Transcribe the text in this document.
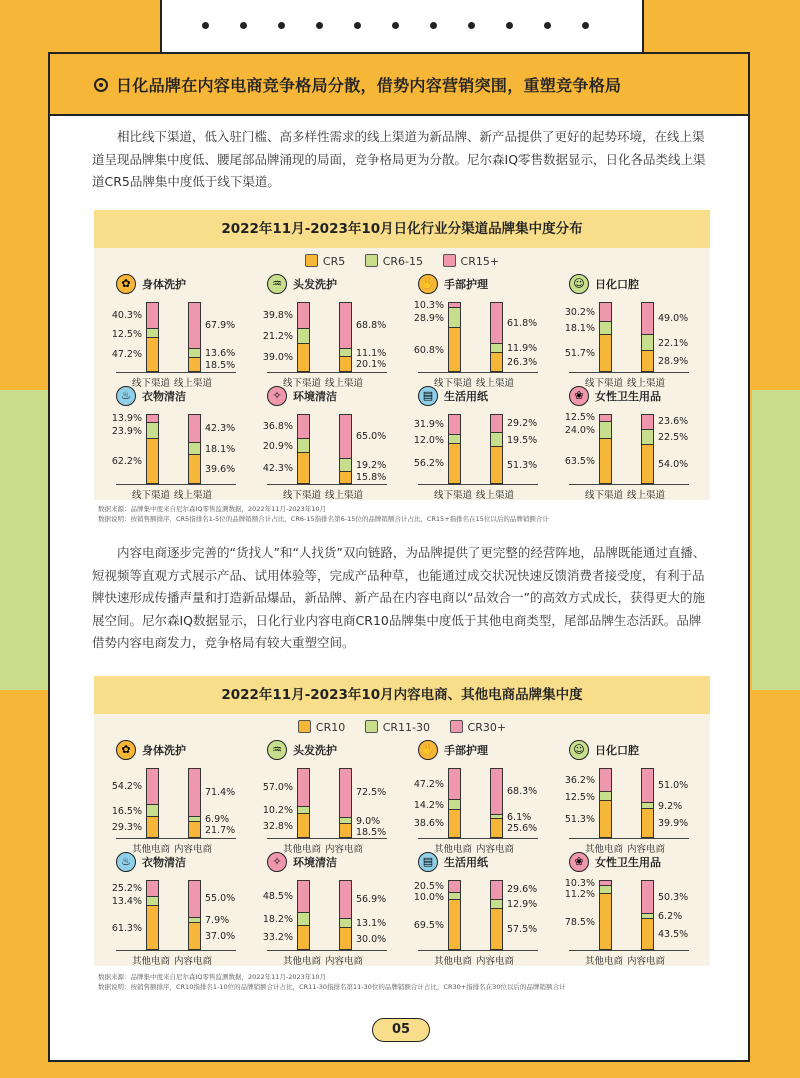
日化品牌在内容电商竞争格局分散，借势内容营销突围，重塑竞争格局
相比线下渠道，低入驻门槛、高多样性需求的线上渠道为新品牌、新产品提供了更好的起势环境，在线上渠道呈现品牌集中度低、腰尾部品牌涌现的局面，竞争格局更为分散。尼尔森IQ零售数据显示，日化各品类线上渠道CR5品牌集中度低于线下渠道。
2022年11月-2023年10月日化行业分渠道品牌集中度分布
CR5	CR6-15	CR15+
✿	身体洗护
47.2%
12.5%
40.3%
线下渠道
18.5%
13.6%
67.9%
线上渠道
♒	头发洗护
39.0%
21.2%
39.8%
线下渠道
20.1%
11.1%
68.8%
线上渠道
✋ 手部护理
60.8%
28.9%
10.3%
线下渠道
26.3%
11.9%
61.8%
线上渠道
☺ 日化口腔
51.7%
18.1%
30.2%
线下渠道
28.9%
22.1%
49.0%
线上渠道
♨	衣物清洁
62.2%
23.9%
13.9%
线下渠道
39.6%
18.1%
42.3%
线上渠道
✧	环境清洁
42.3%
20.9%
36.8%
线下渠道
15.8%
19.2%
65.0%
线上渠道
▤ 生活用纸
56.2%
12.0%
31.9%
线下渠道
51.3%
19.5%
29.2%
线上渠道
❀	女性卫生用品
63.5%
24.0%
12.5%
线下渠道
54.0%
22.5%
23.6%
线上渠道
数据来源：品牌集中度来自尼尔森IQ零售监测数据，2022年11月-2023年10月
数据说明：按销售额排序，CR5指排名1-5位的品牌销额合计占比，CR6-15指排名第6-15位的品牌销额合计占比，CR15+指排名在15位以后的品牌销额合计
内容电商逐步完善的“货找人”和“人找货”双向链路，为品牌提供了更完整的经营阵地，品牌既能通过直播、短视频等直观方式展示产品、试用体验等，完成产品种草，也能通过成交状况快速反馈消费者接受度，有利于品牌快速形成传播声量和打造新品爆品，新品牌、新产品在内容电商以“品效合一”的高效方式成长，获得更大的施展空间。尼尔森IQ数据显示，日化行业内容电商CR10品牌集中度低于其他电商类型，尾部品牌生态活跃。品牌借势内容电商发力，竞争格局有较大重塑空间。
2022年11月-2023年10月内容电商、其他电商品牌集中度
CR10	CR11-30	CR30+
✿	身体洗护
29.3%
16.5%
54.2%
其他电商
21.7%
6.9%
71.4%
内容电商
♒	头发洗护
32.8%
10.2%
57.0%
其他电商
18.5%
9.0%
72.5%
内容电商
✋ 手部护理
38.6%
14.2%
47.2%
其他电商
25.6%
6.1%
68.3%
内容电商
☺ 日化口腔
51.3%
12.5%
36.2%
其他电商
39.9%
9.2%
51.0%
内容电商
♨	衣物清洁
61.3%
13.4%
25.2%
其他电商
37.0%
7.9%
55.0%
内容电商
✧	环境清洁
33.2%
18.2%
48.5%
其他电商
30.0%
13.1%
56.9%
内容电商
▤ 生活用纸
69.5%
10.0%
20.5%
其他电商
57.5%
12.9%
29.6%
内容电商
❀	女性卫生用品
78.5%
11.2%
10.3%
其他电商
43.5%
6.2%
50.3%
内容电商
数据来源：品牌集中度来自尼尔森IQ零售监测数据，2022年11月-2023年10月
数据说明：按销售额排序，CR10指排名1-10位的品牌销额合计占比，CR11-30指排名第11-30位的品牌销额合计占比，CR30+指排名在30位以后的品牌销额合计
05
